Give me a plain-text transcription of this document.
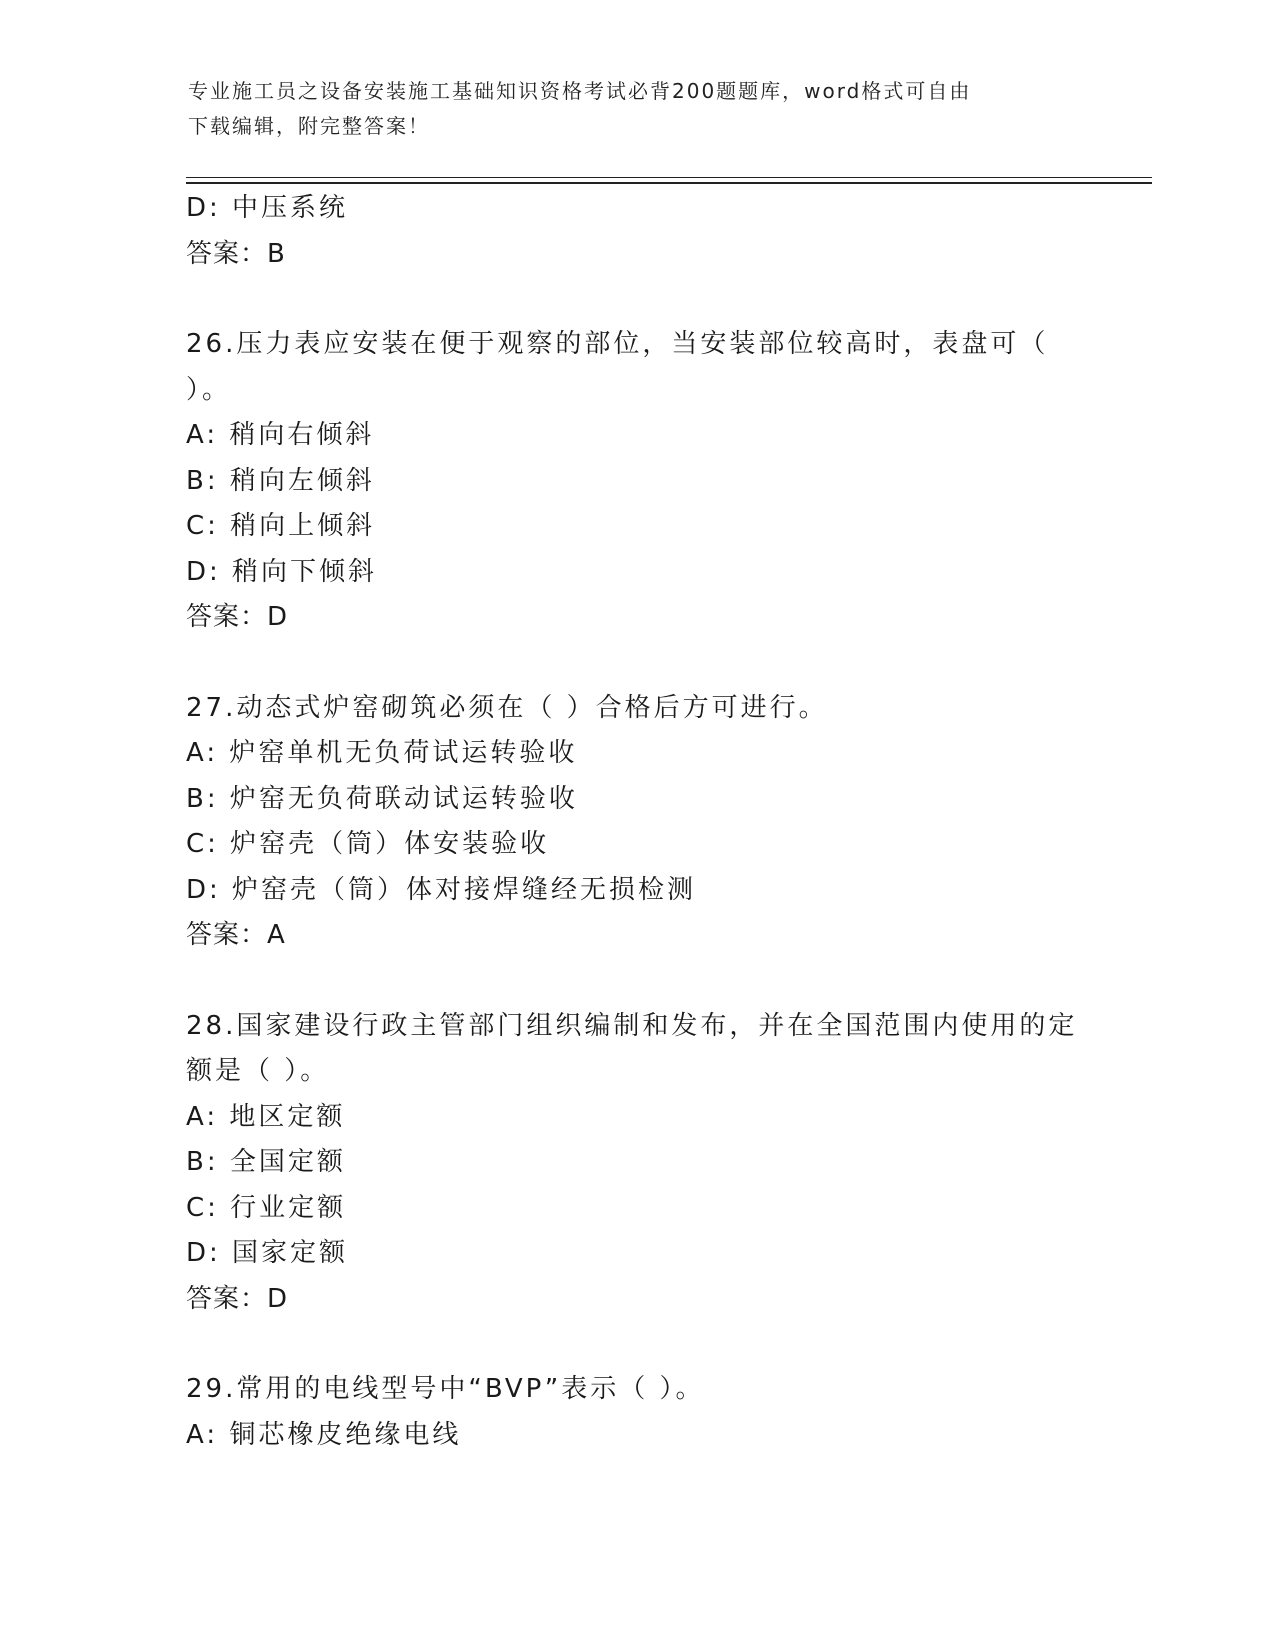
专业施工员之设备安装施工基础知识资格考试必背200题题库，word格式可自由
下载编辑，附完整答案！
D: 中压系统
答案：B
26.压力表应安装在便于观察的部位，当安装部位较高时，表盘可（
）。
A: 稍向右倾斜
B: 稍向左倾斜
C: 稍向上倾斜
D: 稍向下倾斜
答案：D
27.动态式炉窑砌筑必须在（ ）合格后方可进行。
A: 炉窑单机无负荷试运转验收
B: 炉窑无负荷联动试运转验收
C: 炉窑壳（筒）体安装验收
D: 炉窑壳（筒）体对接焊缝经无损检测
答案：A
28.国家建设行政主管部门组织编制和发布，并在全国范围内使用的定
额是（ ）。
A: 地区定额
B: 全国定额
C: 行业定额
D: 国家定额
答案：D
29.常用的电线型号中“BVP”表示（ ）。
A: 铜芯橡皮绝缘电线
